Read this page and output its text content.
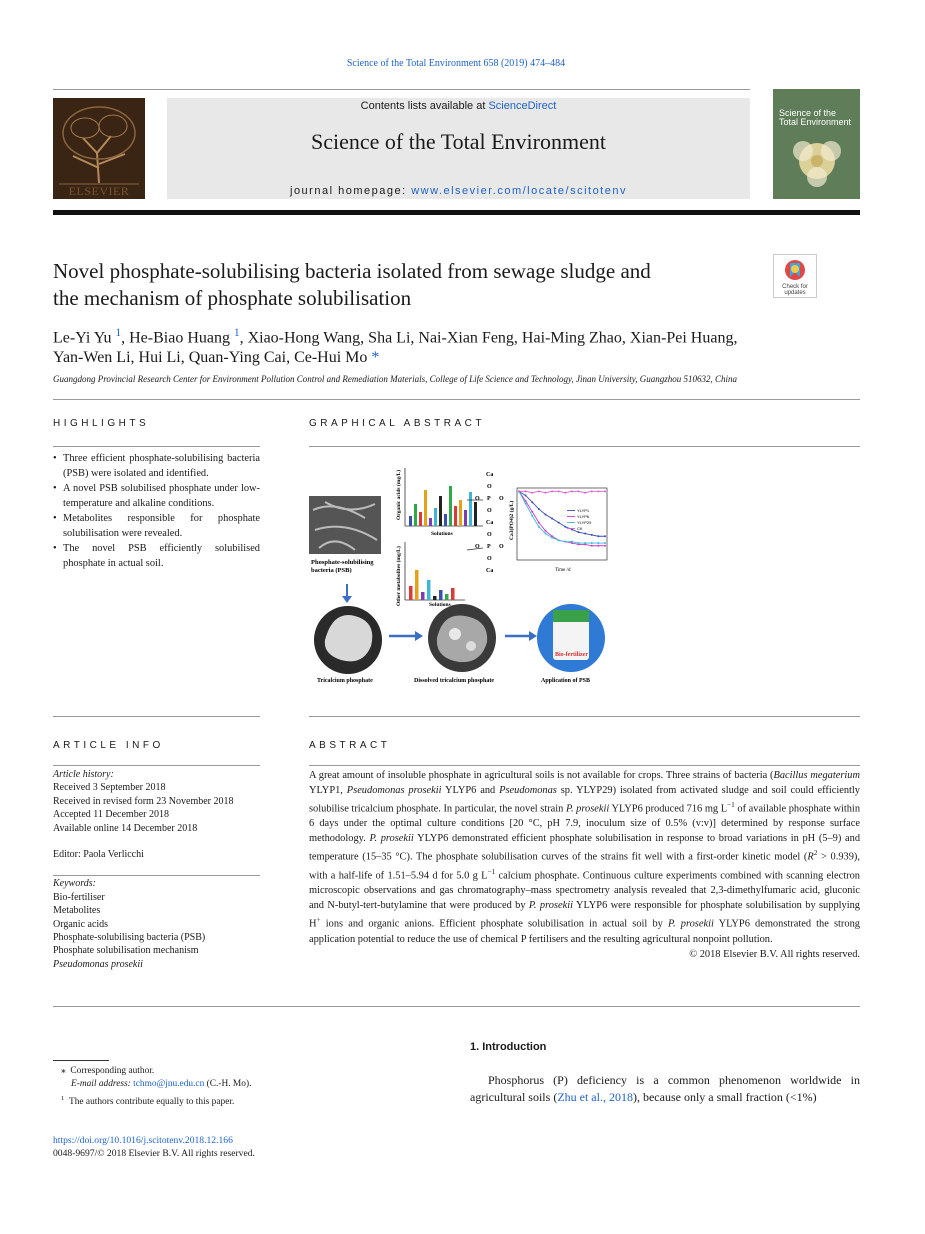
Science of the Total Environment 658 (2019) 474–484
ELSEVIER
Contents lists available at ScienceDirect
Science of the Total Environment
journal homepage: www.elsevier.com/locate/scitotenv
Science of the Total Environment
Novel phosphate-solubilising bacteria isolated from sewage sludge and
the mechanism of phosphate solubilisation	Check for
updates
Le-Yi Yu $^1$, He-Biao Huang $^1$, Xiao-Hong Wang, Sha Li, Nai-Xian Feng, Hai-Ming Zhao, Xian-Pei Huang,
Yan-Wen Li, Hui Li, Quan-Ying Cai, Ce-Hui Mo *
Guangdong Provincial Research Center for Environment Pollution Control and Remediation Materials, College of Life Science and Technology, Jinan University, Guangzhou 510632, China
HIGHLIGHTS
• Three efficient phosphate-solubilising bacteria (PSB) were isolated and identified.
• A novel PSB solubilised phosphate under low-temperature and alkaline conditions.
• Metabolites responsible for phosphate solubilisation were revealed.
• The novel PSB efficiently solubilised phosphate in actual soil.
GRAPHICAL ABSTRACT
Phosphate-solubilising
bacteria (PSB)
Organic acids (mg/L)
Solutions
Other metabolites (mg/L)	Solutions
Ca
O
O P O
O
Ca
O
O P O
O
Ca
Ca3(PO4)2 (g/L)
Time /d
YLYP1
YLYP6
YLYP29
CK
Tricalcium phosphate	Dissolved tricalcium phosphate
Bio-fertilizer
Application of PSB
ARTICLE INFO
Article history:
Received 3 September 2018
Received in revised form 23 November 2018
Accepted 11 December 2018
Available online 14 December 2018
Editor: Paola Verlicchi
Keywords:
Bio-fertiliser
Metabolites
Organic acids
Phosphate-solubilising bacteria (PSB)
Phosphate solubilisation mechanism
Pseudomonas prosekii
ABSTRACT
A great amount of insoluble phosphate in agricultural soils is not available for crops. Three strains of bacteria (Bacillus megaterium YLYP1, Pseudomonas prosekii YLYP6 and Pseudomonas sp. YLYP29) isolated from activated sludge and soil could efficiently solubilise tricalcium phosphate. In particular, the novel strain P. prosekii YLYP6 produced 716 mg $L^{-1}$ of available phosphate within 6 days under the optimal culture conditions [20 °C, pH 7.9, inoculum size of 0.5% (v:v)] determined by response surface methodology. P. prosekii YLYP6 demonstrated efficient phosphate solubilisation in response to broad variations in pH (5–9) and temperature (15–35 °C). The phosphate solubilisation curves of the strains fit well with a first-order kinetic model $(R^2 > 0.939)$, with a half-life of 1.51–5.94 d for 5.0 g $L^{-1}$ calcium phosphate. Continuous culture experiments combined with scanning electron microscopic observations and gas chromatography–mass spectrometry analysis revealed that 2,3-dimethylfumaric acid, gluconic and N-butyl-tert-butylamine that were produced by P. prosekii YLYP6 were responsible for phosphate solubilisation by supplying H+ ions and organic anions. Efficient phosphate solubilisation in actual soil by P. prosekii YLYP6 demonstrated the strong application potential to reduce the use of chemical P fertilisers and the resulting agricultural nonpoint pollution.
© 2018 Elsevier B.V. All rights reserved.
⁎ Corresponding author.
E-mail address: tchmo@jnu.edu.cn (C.-H. Mo).
$^1$ The authors contribute equally to this paper.
https://doi.org/10.1016/j.scitotenv.2018.12.166
0048-9697/© 2018 Elsevier B.V. All rights reserved.
1. Introduction
Phosphorus (P) deficiency is a common phenomenon worldwide in agricultural soils (Zhu et al., 2018), because only a small fraction (<1%)
